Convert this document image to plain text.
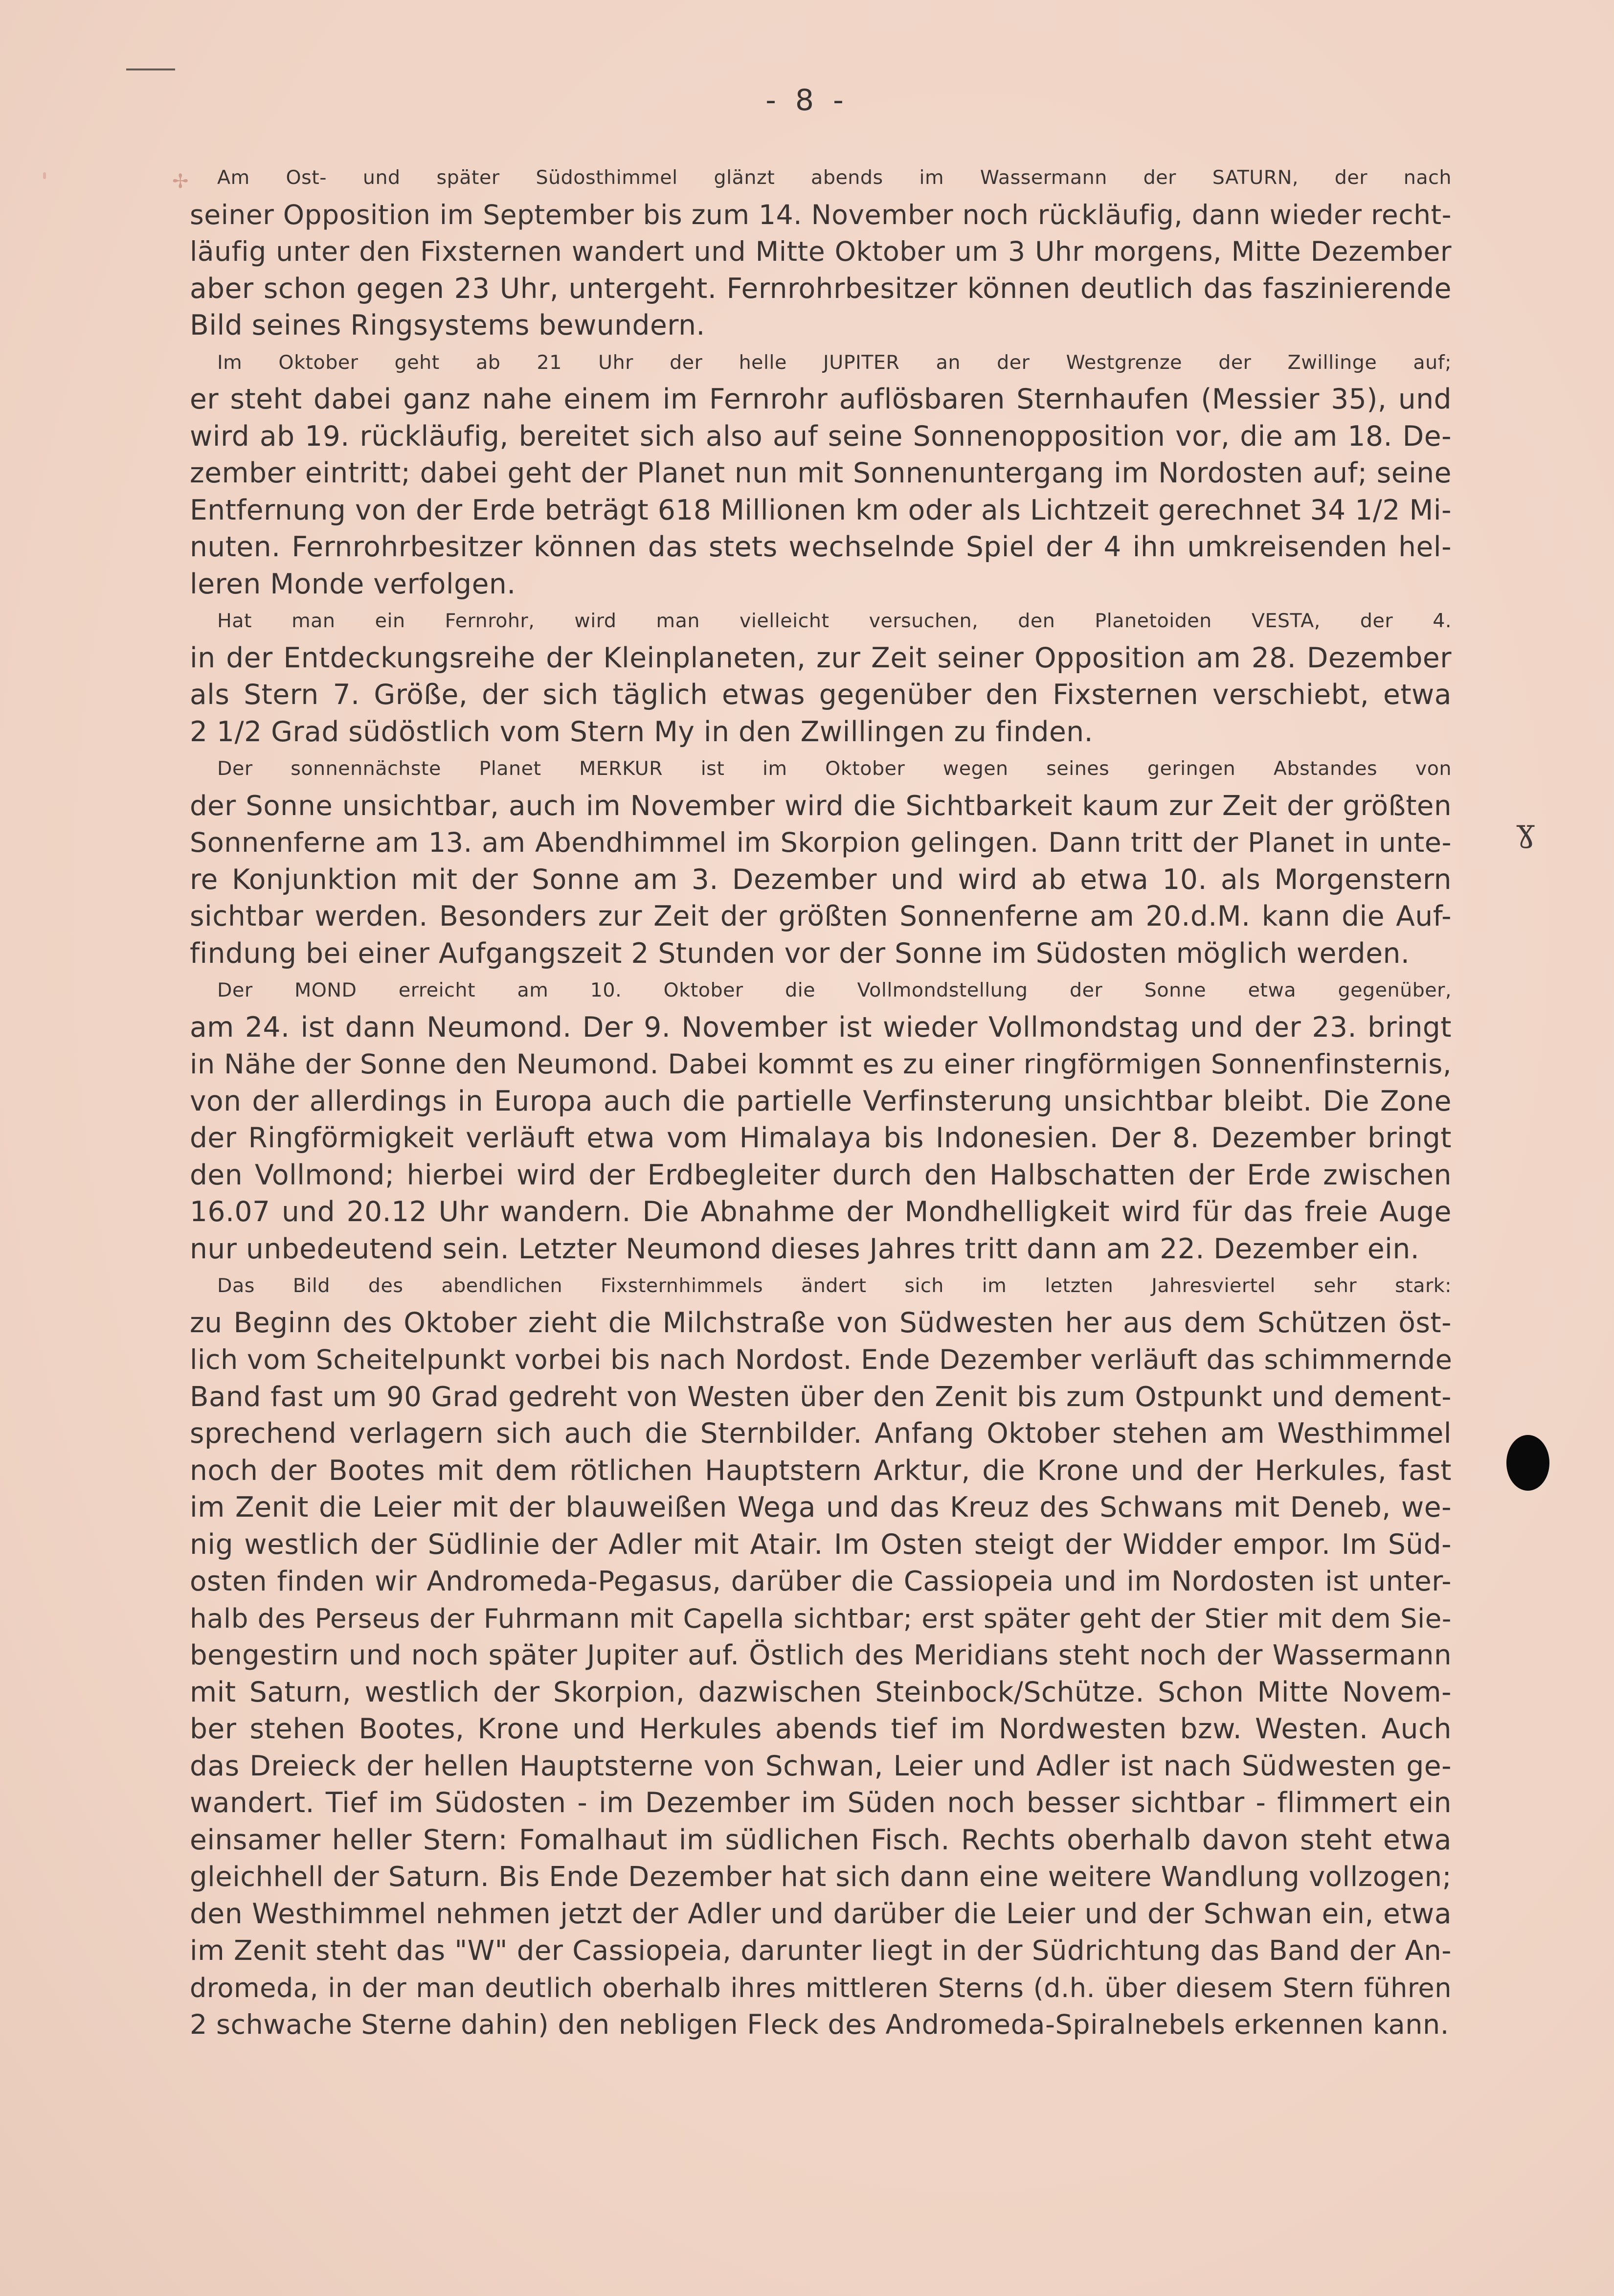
✢
- 8 -

Am Ost- und später Südosthimmel glänzt abends im Wassermann der SATURN, der nach
seiner Opposition im September bis zum 14. November noch rückläufig, dann wieder recht-
läufig unter den Fixsternen wandert und Mitte Oktober um 3 Uhr morgens, Mitte Dezember
aber schon gegen 23 Uhr, untergeht. Fernrohrbesitzer können deutlich das faszinierende
Bild seines Ringsystems bewundern.

Im Oktober geht ab 21 Uhr der helle JUPITER an der Westgrenze der Zwillinge auf;
er steht dabei ganz nahe einem im Fernrohr auflösbaren Sternhaufen (Messier 35), und
wird ab 19. rückläufig, bereitet sich also auf seine Sonnenopposition vor, die am 18. De-
zember eintritt; dabei geht der Planet nun mit Sonnenuntergang im Nordosten auf; seine
Entfernung von der Erde beträgt 618 Millionen km oder als Lichtzeit gerechnet 34 1/2 Mi-
nuten. Fernrohrbesitzer können das stets wechselnde Spiel der 4 ihn umkreisenden hel-
leren Monde verfolgen.

Hat man ein Fernrohr, wird man vielleicht versuchen, den Planetoiden VESTA, der 4.
in der Entdeckungsreihe der Kleinplaneten, zur Zeit seiner Opposition am 28. Dezember
als Stern 7. Größe, der sich täglich etwas gegenüber den Fixsternen verschiebt, etwa
2 1/2 Grad südöstlich vom Stern My in den Zwillingen zu finden.

Der sonnennächste Planet MERKUR ist im Oktober wegen seines geringen Abstandes von
der Sonne unsichtbar, auch im November wird die Sichtbarkeit kaum zur Zeit der größten
Sonnenferne am 13. am Abendhimmel im Skorpion gelingen. Dann tritt der Planet in unte-
re Konjunktion mit der Sonne am 3. Dezember und wird ab etwa 10. als Morgenstern
sichtbar werden. Besonders zur Zeit der größten Sonnenferne am 20.d.M. kann die Auf-
findung bei einer Aufgangszeit 2 Stunden vor der Sonne im Südosten möglich werden.

Der MOND erreicht am 10. Oktober die Vollmondstellung der Sonne etwa gegenüber,
am 24. ist dann Neumond. Der 9. November ist wieder Vollmondstag und der 23. bringt
in Nähe der Sonne den Neumond. Dabei kommt es zu einer ringförmigen Sonnenfinsternis,
von der allerdings in Europa auch die partielle Verfinsterung unsichtbar bleibt. Die Zone
der Ringförmigkeit verläuft etwa vom Himalaya bis Indonesien. Der 8. Dezember bringt
den Vollmond; hierbei wird der Erdbegleiter durch den Halbschatten der Erde zwischen
16.07 und 20.12 Uhr wandern. Die Abnahme der Mondhelligkeit wird für das freie Auge
nur unbedeutend sein. Letzter Neumond dieses Jahres tritt dann am 22. Dezember ein.

Das Bild des abendlichen Fixsternhimmels ändert sich im letzten Jahresviertel sehr stark:
zu Beginn des Oktober zieht die Milchstraße von Südwesten her aus dem Schützen öst-
lich vom Scheitelpunkt vorbei bis nach Nordost. Ende Dezember verläuft das schimmernde
Band fast um 90 Grad gedreht von Westen über den Zenit bis zum Ostpunkt und dement-
sprechend verlagern sich auch die Sternbilder. Anfang Oktober stehen am Westhimmel
noch der Bootes mit dem rötlichen Hauptstern Arktur, die Krone und der Herkules, fast
im Zenit die Leier mit der blauweißen Wega und das Kreuz des Schwans mit Deneb, we-
nig westlich der Südlinie der Adler mit Atair. Im Osten steigt der Widder empor. Im Süd-
osten finden wir Andromeda-Pegasus, darüber die Cassiopeia und im Nordosten ist unter-
halb des Perseus der Fuhrmann mit Capella sichtbar; erst später geht der Stier mit dem Sie-
bengestirn und noch später Jupiter auf. Östlich des Meridians steht noch der Wassermann
mit Saturn, westlich der Skorpion, dazwischen Steinbock/Schütze. Schon Mitte Novem-
ber stehen Bootes, Krone und Herkules abends tief im Nordwesten bzw. Westen. Auch
das Dreieck der hellen Hauptsterne von Schwan, Leier und Adler ist nach Südwesten ge-
wandert. Tief im Südosten - im Dezember im Süden noch besser sichtbar - flimmert ein
einsamer heller Stern: Fomalhaut im südlichen Fisch. Rechts oberhalb davon steht etwa
gleichhell der Saturn. Bis Ende Dezember hat sich dann eine weitere Wandlung vollzogen;
den Westhimmel nehmen jetzt der Adler und darüber die Leier und der Schwan ein, etwa
im Zenit steht das "W" der Cassiopeia, darunter liegt in der Südrichtung das Band der An-
dromeda, in der man deutlich oberhalb ihres mittleren Sterns (d.h. über diesem Stern führen
2 schwache Sterne dahin) den nebligen Fleck des Andromeda-Spiralnebels erkennen kann.

ɣ
